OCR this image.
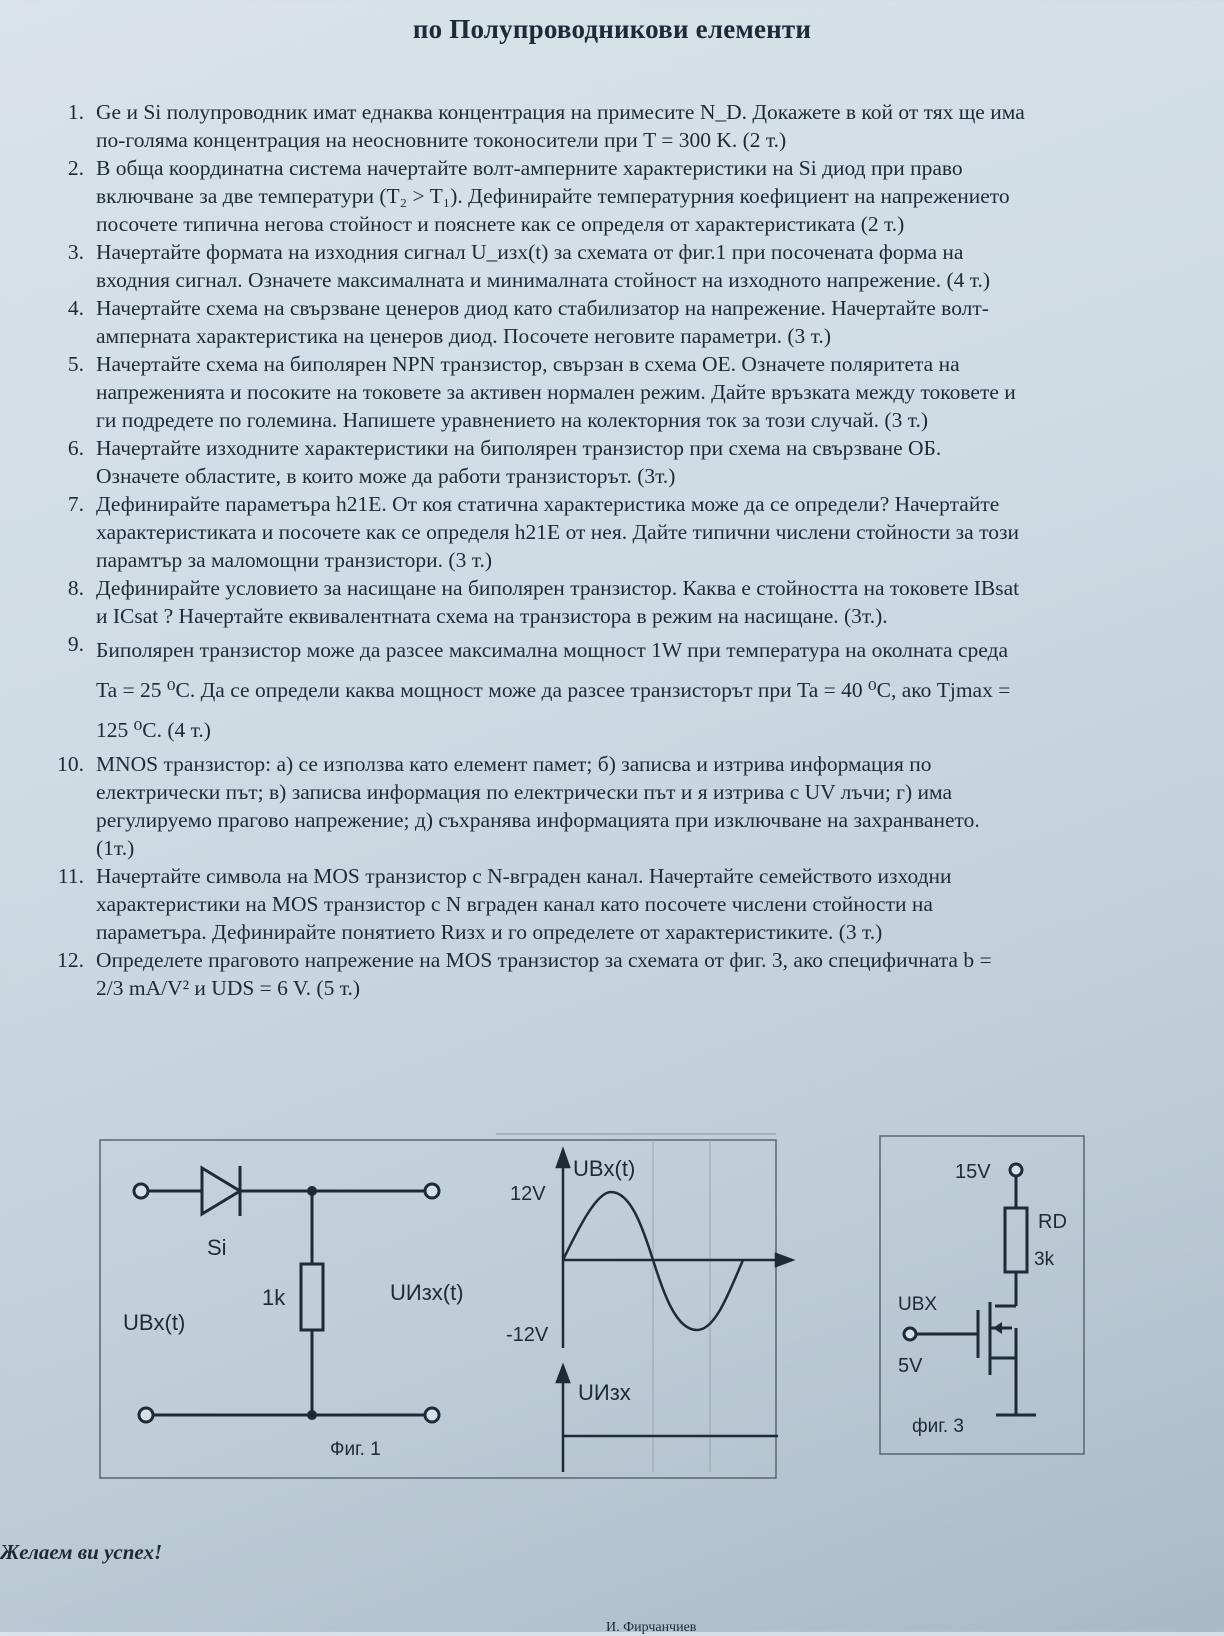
по Полупроводникови елементи
1. Ge и Si полупроводник имат еднаква концентрация на примесите N_D. Докажете в кой от тях ще има
по-голяма концентрация на неосновните токоносители при T = 300 K. (2 т.)
2. В обща координатна система начертайте волт-амперните характеристики на Si диод при право
включване за две температури (T₂ > T₁). Дефинирайте температурния коефициент на напрежението
посочете типична негова стойност и пояснете как се определя от характеристиката (2 т.)
3. Начертайте формата на изходния сигнал U_изх(t) за схемата от фиг.1 при посочената форма на
входния сигнал. Означете максималната и минималната стойност на изходното напрежение. (4 т.)
4. Начертайте схема на свързване ценеров диод като стабилизатор на напрежение. Начертайте волт-
амперната характеристика на ценеров диод. Посочете неговите параметри. (3 т.)
5. Начертайте схема на биполярен NPN транзистор, свързан в схема ОЕ. Означете поляритета на
напреженията и посоките на токовете за активен нормален режим. Дайте връзката между токовете и
ги подредете по големина. Напишете уравнението на колекторния ток за този случай. (3 т.)
6. Начертайте изходните характеристики на биполярен транзистор при схема на свързване ОБ.
Означете областите, в които може да работи транзисторът. (3т.)
7. Дефинирайте параметъра h21E. От коя статична характеристика може да се определи? Начертайте
характеристиката и посочете как се определя h21E от нея. Дайте типични числени стойности за този
парамтър за маломощни транзистори. (3 т.)
8. Дефинирайте условието за насищане на биполярен транзистор. Каква е стойността на токовете IBsat
и ICsat ? Начертайте еквивалентната схема на транзистора в режим на насищане. (3т.).
9. Биполярен транзистор може да разсее максимална мощност 1W при температура на околната среда
Ta = 25 ⁰C. Да се определи каква мощност може да разсее транзисторът при Ta = 40 ⁰C, ако Tjmax =
125 ⁰C. (4 т.)
10. MNOS транзистор: а) се използва като елемент памет; б) записва и изтрива информация по
електрически път; в) записва информация по електрически път и я изтрива с UV лъчи; г) има
регулируемо прагово напрежение; д) съхранява информацията при изключване на захранването.
(1т.)
11. Начертайте символа на MOS транзистор с N-вграден канал. Начертайте семейството изходни
характеристики на MOS транзистор с N вграден канал като посочете числени стойности на
параметъра. Дефинирайте понятието Rизх и го определете от характеристиките. (3 т.)
12. Определете праговото напрежение на MOS транзистор за схемата от фиг. 3, ако специфичната b =
2/3 mA/V² и UDS = 6 V. (5 т.)
Si
1k
UBx(t)
UИзх(t)
Фиг. 1
UBx(t)
12V
-12V
UИзх
15V
RD
3k
UBX
5V
фиг. 3
Желаем ви успех!
И. Фирчанчиев
